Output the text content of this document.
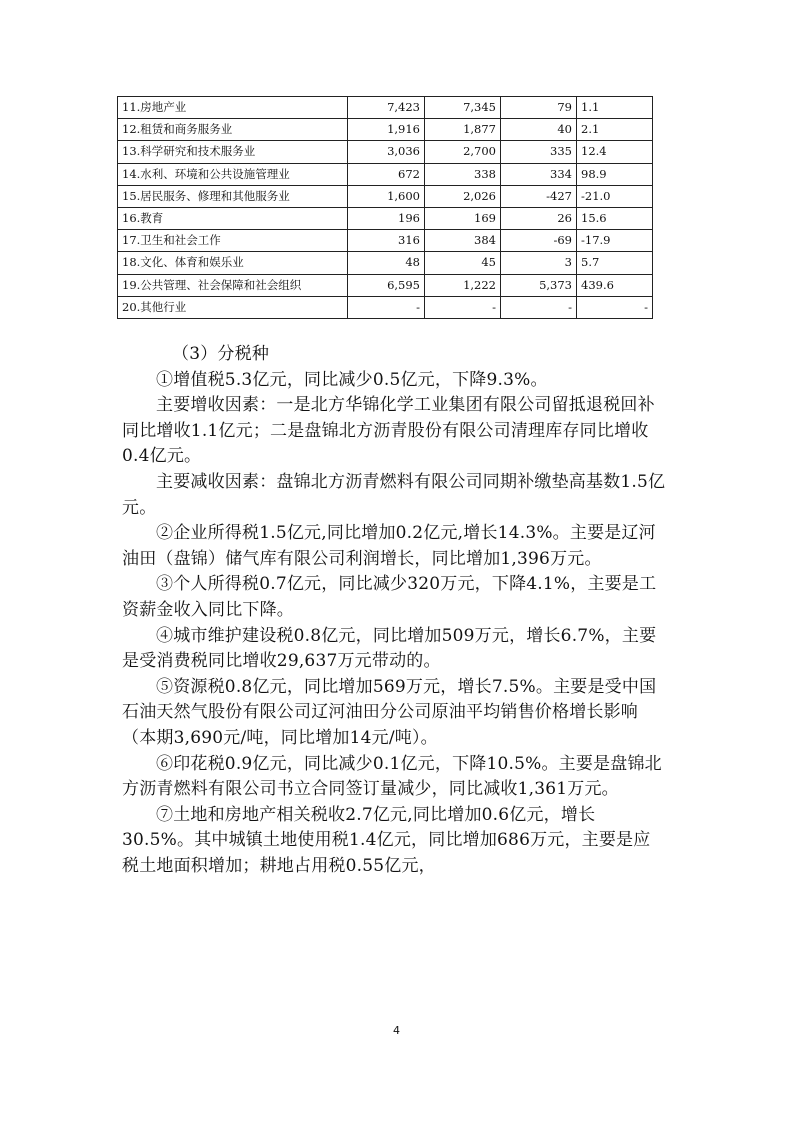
11.房地产业	7,423	7,345	79	1.1
12.租赁和商务服务业	1,916	1,877	40	2.1
13.科学研究和技术服务业	3,036	2,700	335	12.4
14.水利、环境和公共设施管理业	672	338	334	98.9
15.居民服务、修理和其他服务业	1,600	2,026	-427	-21.0
16.教育	196	169	26	15.6
17.卫生和社会工作	316	384	-69	-17.9
18.文化、体育和娱乐业	48	45	3	5.7
19.公共管理、社会保障和社会组织	6,595	1,222	5,373	439.6
20.其他行业	-	-	-	-

（3）分税种

①增值税5.3亿元，同比减少0.5亿元，下降9.3%。

主要增收因素：一是北方华锦化学工业集团有限公司留抵退税回补同比增收1.1亿元；二是盘锦北方沥青股份有限公司清理库存同比增收0.4亿元。

主要减收因素：盘锦北方沥青燃料有限公司同期补缴垫高基数1.5亿元。

②企业所得税1.5亿元,同比增加0.2亿元,增长14.3%。主要是辽河油田（盘锦）储气库有限公司利润增长，同比增加1,396万元。

③个人所得税0.7亿元，同比减少320万元，下降4.1%，主要是工资薪金收入同比下降。

④城市维护建设税0.8亿元，同比增加509万元，增长6.7%，主要是受消费税同比增收29,637万元带动的。

⑤资源税0.8亿元，同比增加569万元，增长7.5%。主要是受中国石油天然气股份有限公司辽河油田分公司原油平均销售价格增长影响（本期3,690元/吨，同比增加14元/吨）。

⑥印花税0.9亿元，同比减少0.1亿元，下降10.5%。主要是盘锦北方沥青燃料有限公司书立合同签订量减少，同比减收1,361万元。

⑦土地和房地产相关税收2.7亿元,同比增加0.6亿元，增长30.5%。其中城镇土地使用税1.4亿元，同比增加686万元，主要是应税土地面积增加；耕地占用税0.55亿元，

4
